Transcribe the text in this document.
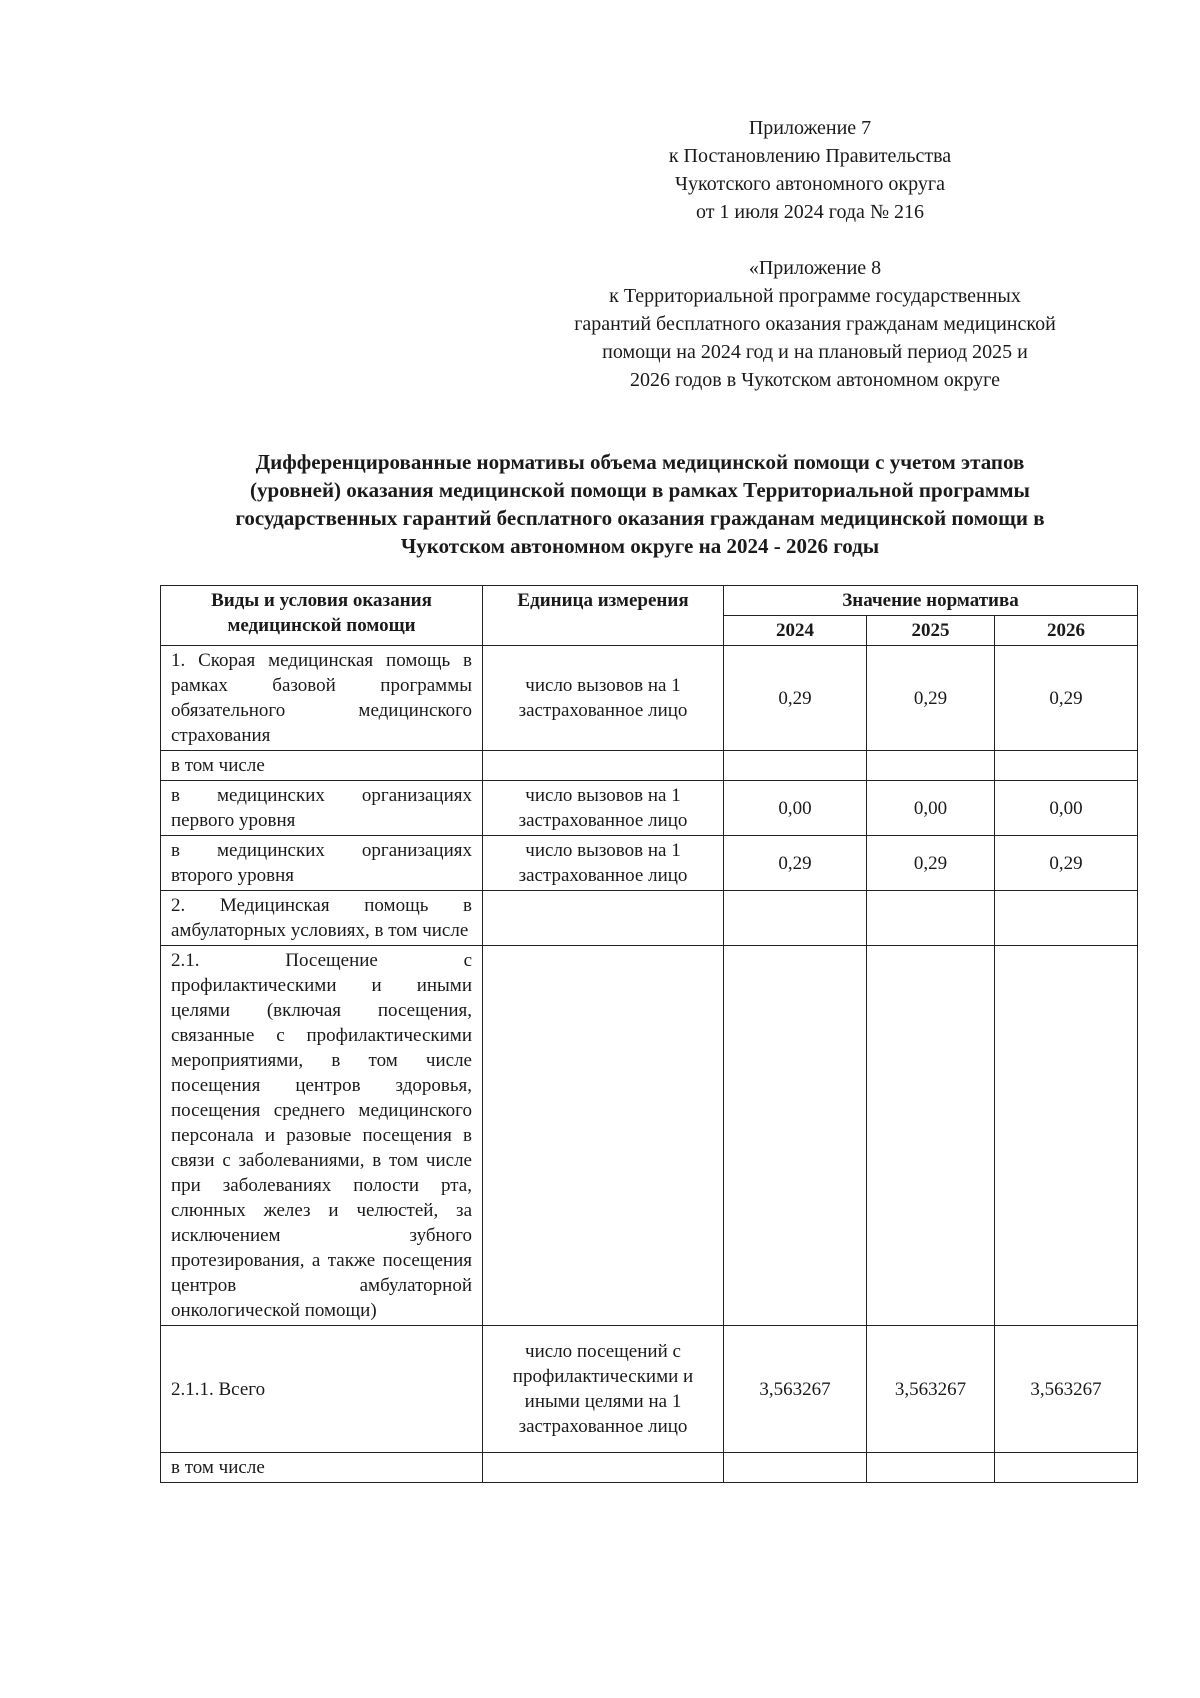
Приложение 7
к Постановлению Правительства
Чукотского автономного округа
от 1 июля 2024 года № 216
«Приложение 8
к Территориальной программе государственных
гарантий бесплатного оказания гражданам медицинской
помощи на 2024 год и на плановый период 2025 и
2026 годов в Чукотском автономном округе
Дифференцированные нормативы объема медицинской помощи с учетом этапов
(уровней) оказания медицинской помощи в рамках Территориальной программы
государственных гарантий бесплатного оказания гражданам медицинской помощи в
Чукотском автономном округе на 2024 - 2026 годы
Виды и условия оказания медицинской помощи	Единица измерения	Значение норматива		
		2024	2025	2026
1. Скорая медицинская помощь в рамках базовой программы обязательного медицинского страхования	число вызовов на 1 застрахованное лицо	0,29	0,29	0,29
в том числе				
в медицинских организациях первого уровня	число вызовов на 1 застрахованное лицо	0,00	0,00	0,00
в медицинских организациях второго уровня	число вызовов на 1 застрахованное лицо	0,29	0,29	0,29
2. Медицинская помощь в амбулаторных условиях, в том числе				
2.1. Посещение с профилактическими и иными целями (включая посещения, связанные с профилактическими мероприятиями, в том числе посещения центров здоровья, посещения среднего медицинского персонала и разовые посещения в связи с заболеваниями, в том числе при заболеваниях полости рта, слюнных желез и челюстей, за исключением зубного протезирования, а также посещения центров амбулаторной онкологической помощи)				
2.1.1. Всего	число посещений с профилактическими и иными целями на 1 застрахованное лицо	3,563267	3,563267	3,563267
в том числе				
